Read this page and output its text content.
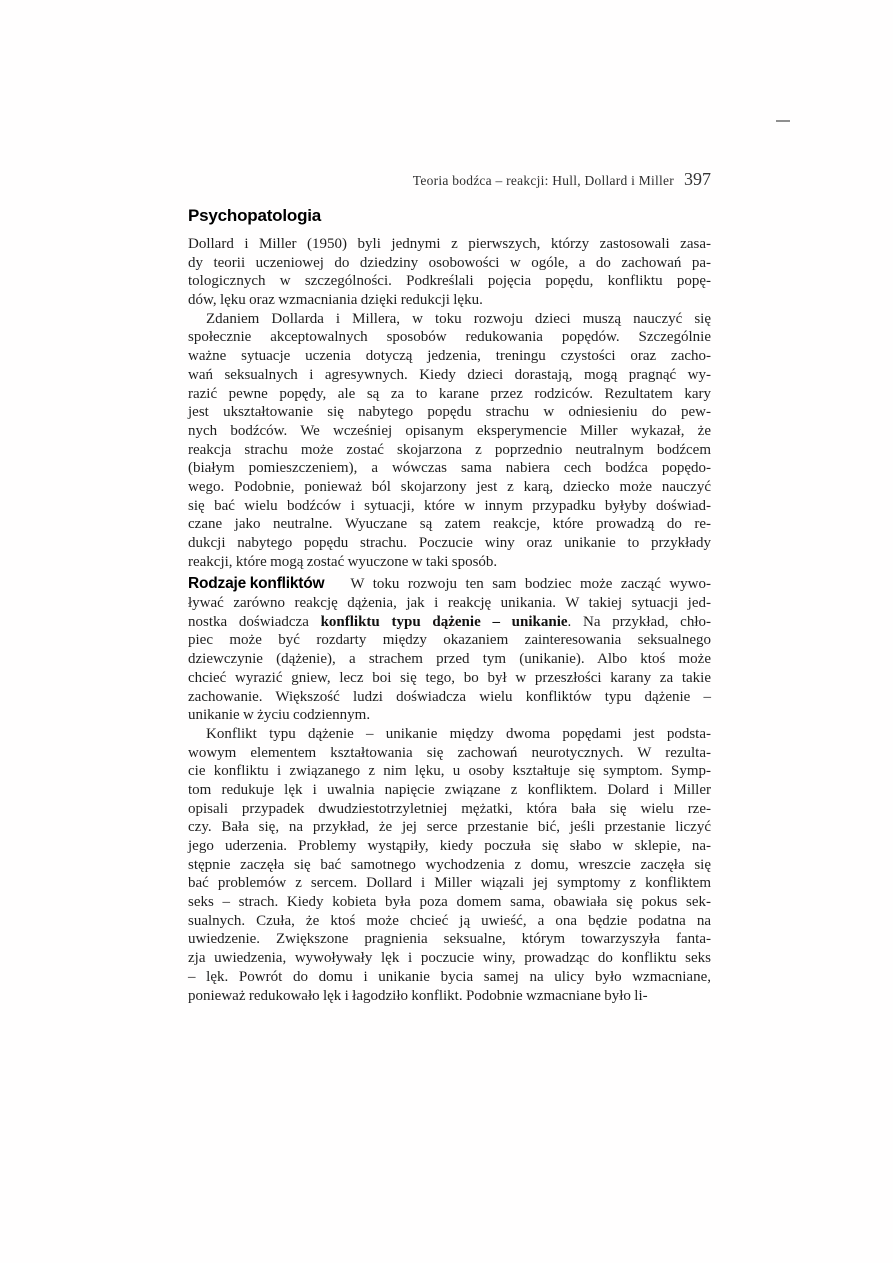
Teoria bodźca – reakcji: Hull, Dollard i Miller 397
Psychopatologia
Dollard i Miller (1950) byli jednymi z pierwszych, którzy zastosowali zasa-
dy teorii uczeniowej do dziedziny osobowości w ogóle, a do zachowań pa-
tologicznych w szczególności. Podkreślali pojęcia popędu, konfliktu popę-
dów, lęku oraz wzmacniania dzięki redukcji lęku.
Zdaniem Dollarda i Millera, w toku rozwoju dzieci muszą nauczyć się
społecznie akceptowalnych sposobów redukowania popędów. Szczególnie
ważne sytuacje uczenia dotyczą jedzenia, treningu czystości oraz zacho-
wań seksualnych i agresywnych. Kiedy dzieci dorastają, mogą pragnąć wy-
razić pewne popędy, ale są za to karane przez rodziców. Rezultatem kary
jest ukształtowanie się nabytego popędu strachu w odniesieniu do pew-
nych bodźców. We wcześniej opisanym eksperymencie Miller wykazał, że
reakcja strachu może zostać skojarzona z poprzednio neutralnym bodźcem
(białym pomieszczeniem), a wówczas sama nabiera cech bodźca popędo-
wego. Podobnie, ponieważ ból skojarzony jest z karą, dziecko może nauczyć
się bać wielu bodźców i sytuacji, które w innym przypadku byłyby doświad-
czane jako neutralne. Wyuczane są zatem reakcje, które prowadzą do re-
dukcji nabytego popędu strachu. Poczucie winy oraz unikanie to przykłady
reakcji, które mogą zostać wyuczone w taki sposób.
Rodzaje konfliktów W toku rozwoju ten sam bodziec może zacząć wywo-
ływać zarówno reakcję dążenia, jak i reakcję unikania. W takiej sytuacji jed-
nostka doświadcza konfliktu typu dążenie – unikanie. Na przykład, chło-
piec może być rozdarty między okazaniem zainteresowania seksualnego
dziewczynie (dążenie), a strachem przed tym (unikanie). Albo ktoś może
chcieć wyrazić gniew, lecz boi się tego, bo był w przeszłości karany za takie
zachowanie. Większość ludzi doświadcza wielu konfliktów typu dążenie –
unikanie w życiu codziennym.
Konflikt typu dążenie – unikanie między dwoma popędami jest podsta-
wowym elementem kształtowania się zachowań neurotycznych. W rezulta-
cie konfliktu i związanego z nim lęku, u osoby kształtuje się symptom. Symp-
tom redukuje lęk i uwalnia napięcie związane z konfliktem. Dolard i Miller
opisali przypadek dwudziestotrzyletniej mężatki, która bała się wielu rze-
czy. Bała się, na przykład, że jej serce przestanie bić, jeśli przestanie liczyć
jego uderzenia. Problemy wystąpiły, kiedy poczuła się słabo w sklepie, na-
stępnie zaczęła się bać samotnego wychodzenia z domu, wreszcie zaczęła się
bać problemów z sercem. Dollard i Miller wiązali jej symptomy z konfliktem
seks – strach. Kiedy kobieta była poza domem sama, obawiała się pokus sek-
sualnych. Czuła, że ktoś może chcieć ją uwieść, a ona będzie podatna na
uwiedzenie. Zwiększone pragnienia seksualne, którym towarzyszyła fanta-
zja uwiedzenia, wywoływały lęk i poczucie winy, prowadząc do konfliktu seks
– lęk. Powrót do domu i unikanie bycia samej na ulicy było wzmacniane,
ponieważ redukowało lęk i łagodziło konflikt. Podobnie wzmacniane było li-
